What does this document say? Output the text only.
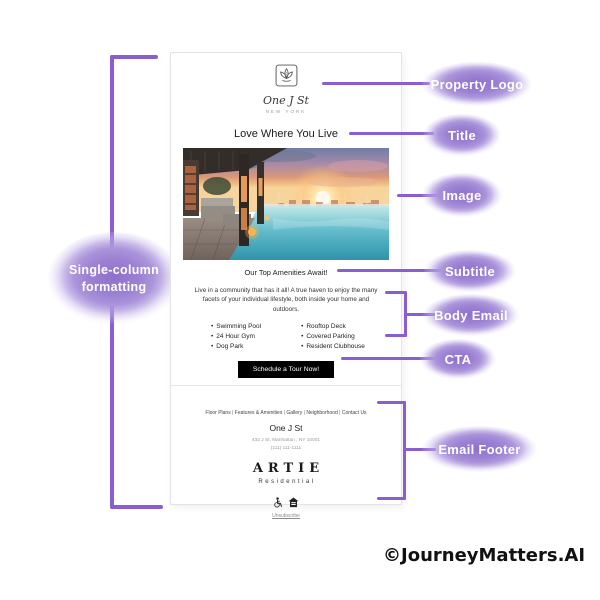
Single-column
formatting
One J St
NEW YORK
Love Where You Live
Our Top Amenities Await!
Live in a community that has it all! A true haven to enjoy the many facets of your individual lifestyle, both inside your home and outdoors.
• Swimming Pool
• 24 Hour Gym
• Dog Park
• Rooftop Deck
• Covered Parking
• Resident Clubhouse
Schedule a Tour Now!
Floor Plans | Features & Amenities | Gallery | Neighborhood | Contact Us
One J St
432 J St, Manhattan , NY 10001
(111) 111-1111
ARTIE
Residential
Unsubscribe
Property Logo
Title
Image
Subtitle
Body Email
CTA
Email Footer
©JourneyMatters.AI
